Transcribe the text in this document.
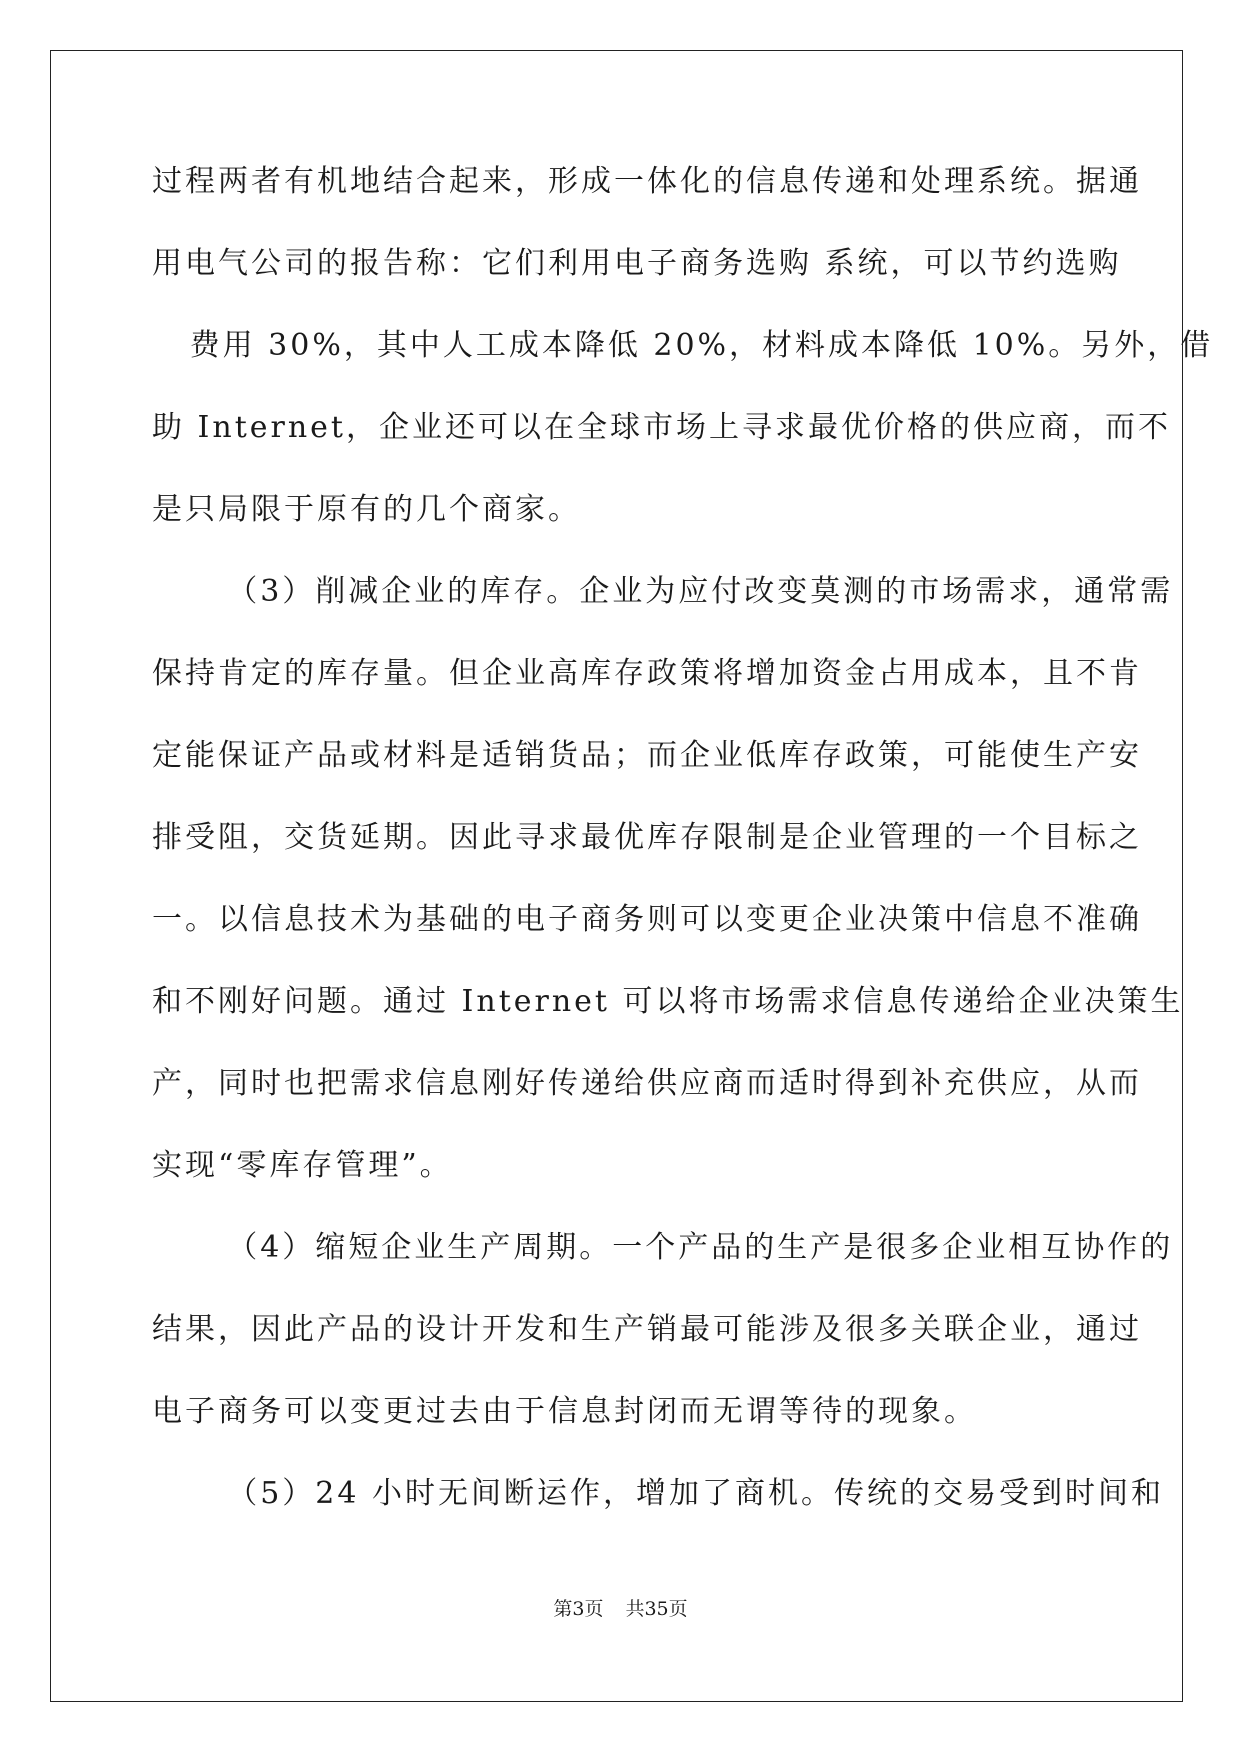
过程两者有机地结合起来，形成一体化的信息传递和处理系统。据通
用电气公司的报告称：它们利用电子商务选购 系统，可以节约选购
费用 30%，其中人工成本降低 20%，材料成本降低 10%。另外，借
助 Internet，企业还可以在全球市场上寻求最优价格的供应商，而不
是只局限于原有的几个商家。
（3）削减企业的库存。企业为应付改变莫测的市场需求，通常需
保持肯定的库存量。但企业高库存政策将增加资金占用成本，且不肯
定能保证产品或材料是适销货品；而企业低库存政策，可能使生产安
排受阻，交货延期。因此寻求最优库存限制是企业管理的一个目标之
一。以信息技术为基础的电子商务则可以变更企业决策中信息不准确
和不刚好问题。通过 Internet 可以将市场需求信息传递给企业决策生
产，同时也把需求信息刚好传递给供应商而适时得到补充供应，从而
实现“零库存管理”。
（4）缩短企业生产周期。一个产品的生产是很多企业相互协作的
结果，因此产品的设计开发和生产销最可能涉及很多关联企业，通过
电子商务可以变更过去由于信息封闭而无谓等待的现象。
（5）24 小时无间断运作，增加了商机。传统的交易受到时间和
第3页 共35页
